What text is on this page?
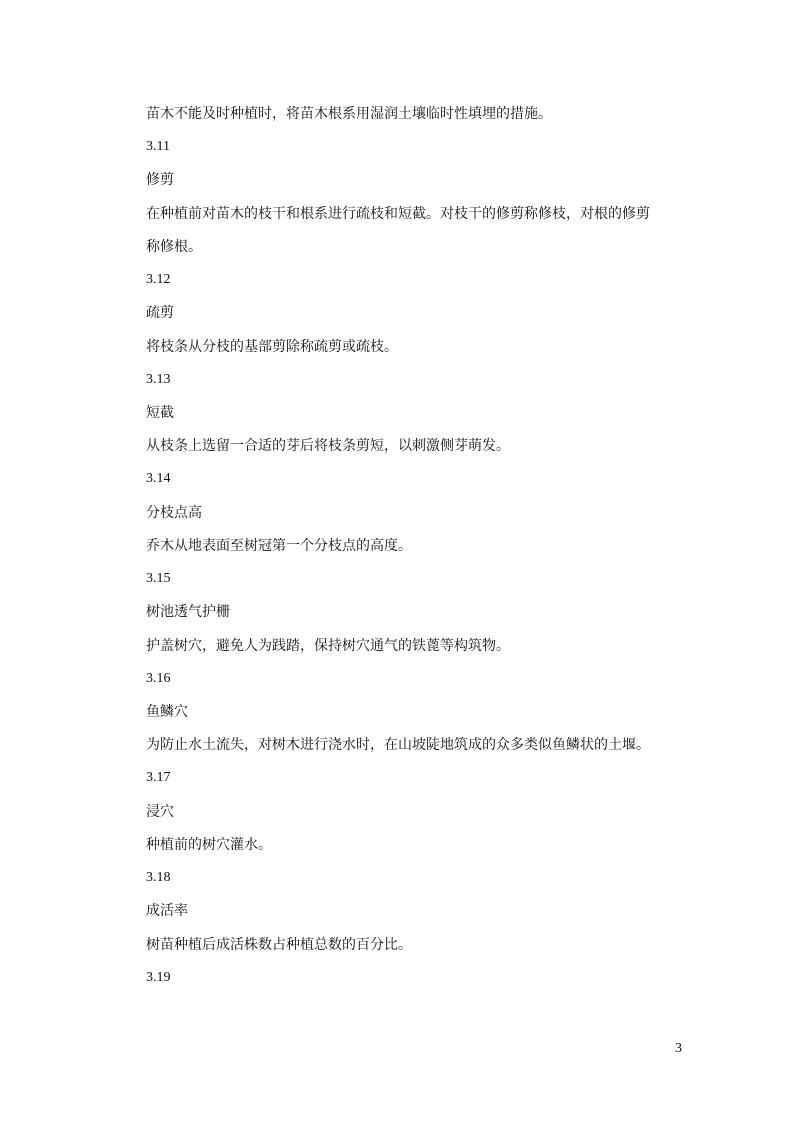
苗木不能及时种植时，将苗木根系用湿润土壤临时性填埋的措施。
3.11
修剪
在种植前对苗木的枝干和根系进行疏枝和短截。对枝干的修剪称修枝，对根的修剪
称修根。
3.12
疏剪
将枝条从分枝的基部剪除称疏剪或疏枝。
3.13
短截
从枝条上选留一合适的芽后将枝条剪短，以刺激侧芽萌发。
3.14
分枝点高
乔木从地表面至树冠第一个分枝点的高度。
3.15
树池透气护栅
护盖树穴，避免人为践踏，保持树穴通气的铁蓖等构筑物。
3.16
鱼鳞穴
为防止水土流失，对树木进行浇水时，在山坡陡地筑成的众多类似鱼鳞状的土堰。
3.17
浸穴
种植前的树穴灌水。
3.18
成活率
树苗种植后成活株数占种植总数的百分比。
3.19
3
